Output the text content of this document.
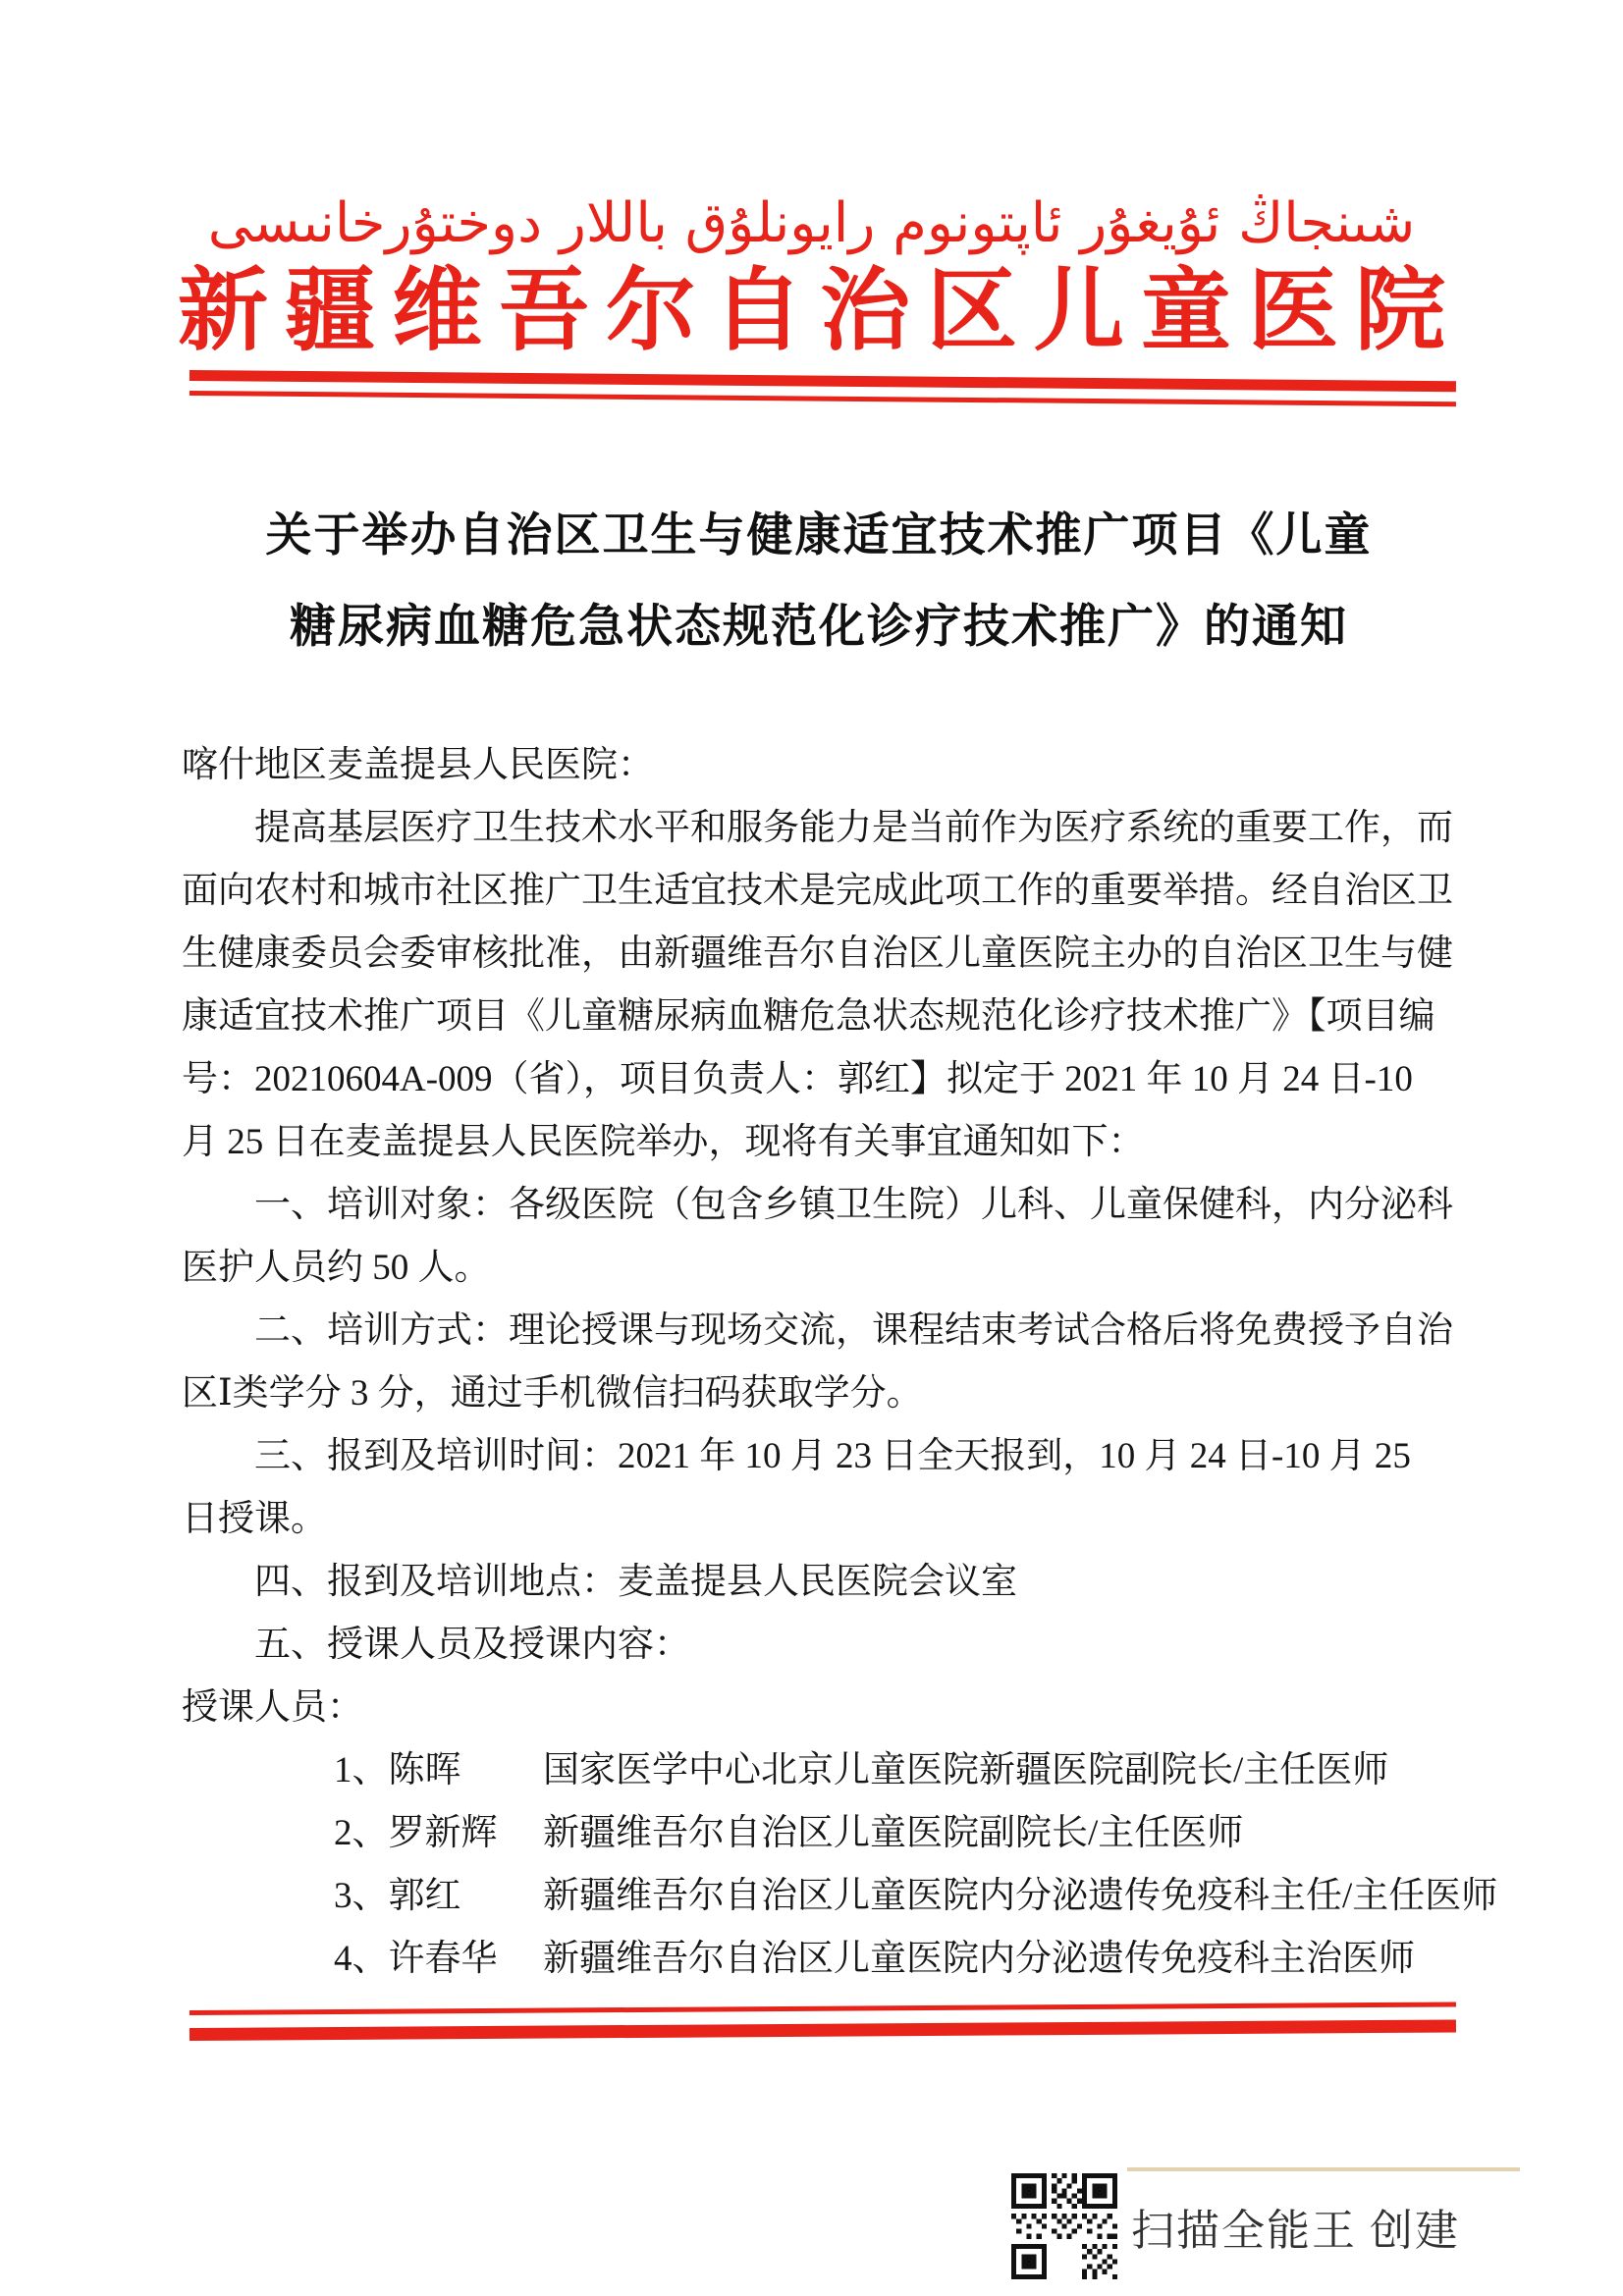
شىنجاڭ ئۇيغۇر ئاپتونوم رايونلۇق باللار دوختۇرخانىسى
新疆维吾尔自治区儿童医院
关于举办自治区卫生与健康适宜技术推广项目《儿童
糖尿病血糖危急状态规范化诊疗技术推广》的通知
喀什地区麦盖提县人民医院：
提高基层医疗卫生技术水平和服务能力是当前作为医疗系统的重要工作，而
面向农村和城市社区推广卫生适宜技术是完成此项工作的重要举措。经自治区卫
生健康委员会委审核批准，由新疆维吾尔自治区儿童医院主办的自治区卫生与健
康适宜技术推广项目《儿童糖尿病血糖危急状态规范化诊疗技术推广》【项目编
号：20210604A-009（省），项目负责人：郭红】拟定于 2021 年 10 月 24 日-10
月 25 日在麦盖提县人民医院举办，现将有关事宜通知如下：
一、培训对象：各级医院（包含乡镇卫生院）儿科、儿童保健科，内分泌科
医护人员约 50 人。
二、培训方式：理论授课与现场交流，课程结束考试合格后将免费授予自治
区Ⅰ类学分 3 分，通过手机微信扫码获取学分。
三、报到及培训时间：2021 年 10 月 23 日全天报到，10 月 24 日-10 月 25
日授课。
四、报到及培训地点：麦盖提县人民医院会议室
五、授课人员及授课内容：
授课人员：
1、陈晖	国家医学中心北京儿童医院新疆医院副院长/主任医师
2、罗新辉	新疆维吾尔自治区儿童医院副院长/主任医师
3、郭红	新疆维吾尔自治区儿童医院内分泌遗传免疫科主任/主任医师
4、许春华	新疆维吾尔自治区儿童医院内分泌遗传免疫科主治医师
扫描全能王 创建
